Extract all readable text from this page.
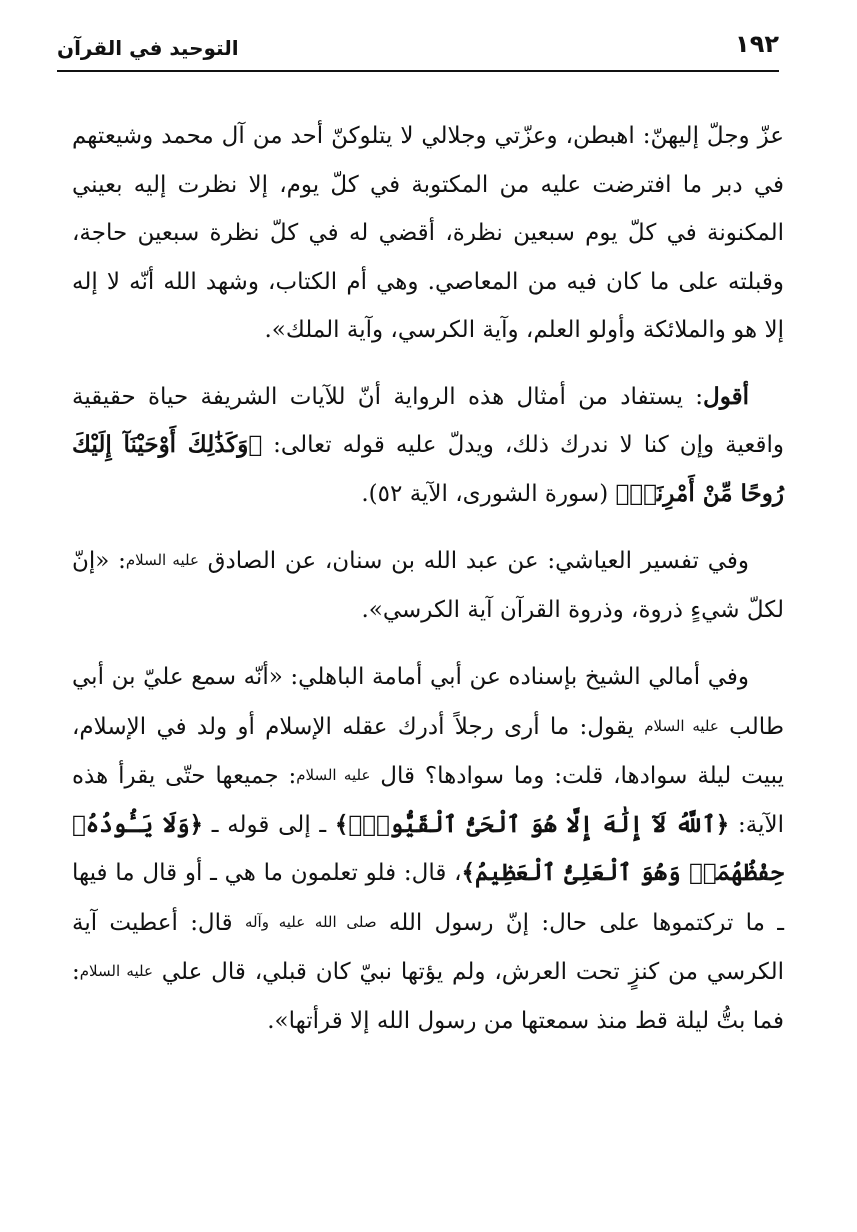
١٩٢
التوحيد في القرآن

عزّ وجلّ إليهنّ: اهبطن، وعزّتي وجلالي لا يتلوكنّ أحد من آل محمد وشيعتهم في دبر ما افترضت عليه من المكتوبة في كلّ يوم، إلا نظرت إليه بعيني المكنونة في كلّ يوم سبعين نظرة، أقضي له في كلّ نظرة سبعين حاجة، وقبلته على ما كان فيه من المعاصي. وهي أم الكتاب، وشهد الله أنّه لا إله إلا هو والملائكة وأولو العلم، وآية الكرسي، وآية الملك».

أقول: يستفاد من أمثال هذه الرواية أنّ للآيات الشريفة حياة حقيقية واقعية وإن كنا لا ندرك ذلك، ويدلّ عليه قوله تعالى: ﴿وَكَذَٰلِكَ أَوْحَيْنَآ إِلَيْكَ رُوحًا مِّنْ أَمْرِنَاۚ﴾ (سورة الشورى، الآية ٥٢).

وفي تفسير العياشي: عن عبد الله بن سنان، عن الصادق عليه السلام: «إنّ لكلّ شيءٍ ذروة، وذروة القرآن آية الكرسي».

وفي أمالي الشيخ بإسناده عن أبي أمامة الباهلي: «أنّه سمع عليّ بن أبي طالب عليه السلام يقول: ما أرى رجلاً أدرك عقله الإسلام أو ولد في الإسلام، يبيت ليلة سوادها، قلت: وما سوادها؟ قال عليه السلام: جميعها حتّى يقرأ هذه الآية: ﴿ٱللَّهُ لَآ إِلَٰهَ إِلَّا هُوَ ٱلْحَىُّ ٱلْقَيُّومُۚ﴾ ـ إلى قوله ـ ﴿وَلَا يَـُٔودُهُۥ حِفْظُهُمَاۚ وَهُوَ ٱلْعَلِىُّ ٱلْعَظِيمُ﴾، قال: فلو تعلمون ما هي ـ أو قال ما فيها ـ ما تركتموها على حال: إنّ رسول الله صلى الله عليه وآله قال: أعطيت آية الكرسي من كنزٍ تحت العرش، ولم يؤتها نبيّ كان قبلي، قال علي عليه السلام: فما بتُّ ليلة قط منذ سمعتها من رسول الله إلا قرأتها».
